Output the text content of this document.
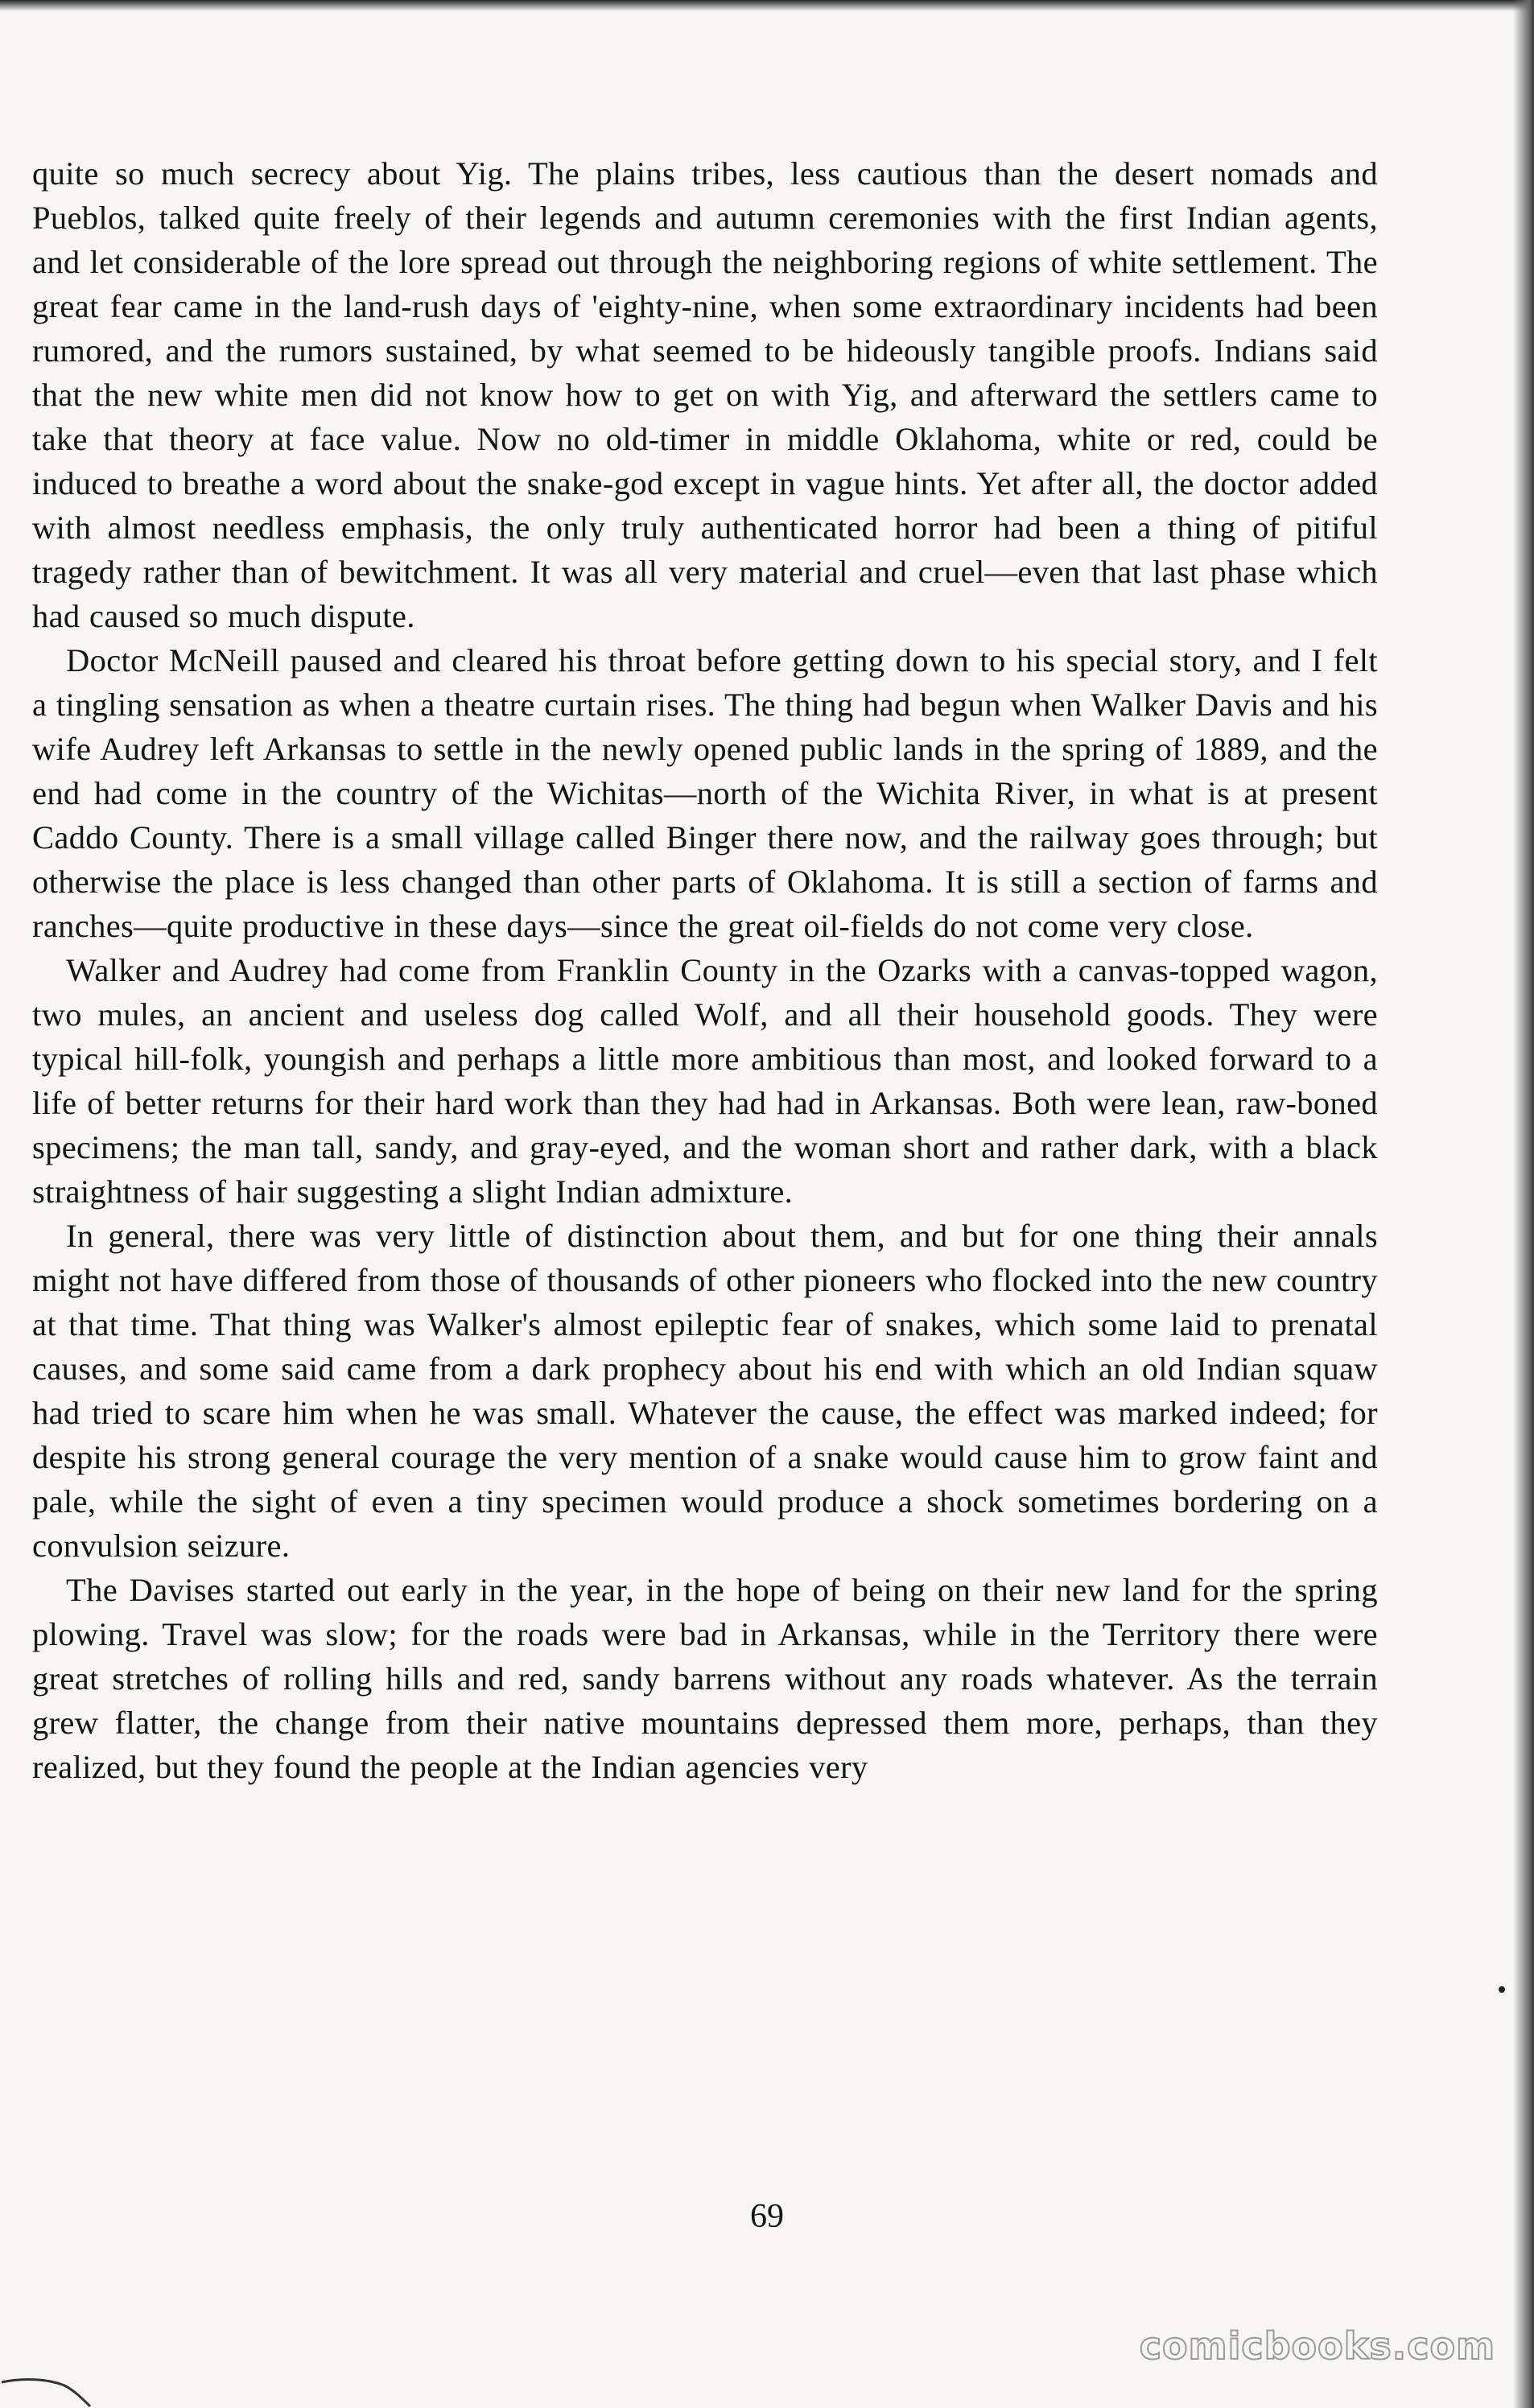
quite so much secrecy about Yig. The plains tribes, less cautious than the desert nomads and Pueblos, talked quite freely of their legends and autumn ceremonies with the first Indian agents, and let considerable of the lore spread out through the neighboring regions of white settlement. The great fear came in the land-rush days of 'eighty-nine, when some extraordinary incidents had been rumored, and the rumors sustained, by what seemed to be hideously tangible proofs. Indians said that the new white men did not know how to get on with Yig, and afterward the settlers came to take that theory at face value. Now no old-timer in middle Oklahoma, white or red, could be induced to breathe a word about the snake-god except in vague hints. Yet after all, the doctor added with almost needless emphasis, the only truly authenticated horror had been a thing of pitiful tragedy rather than of bewitchment. It was all very material and cruel—even that last phase which had caused so much dispute.

Doctor McNeill paused and cleared his throat before getting down to his special story, and I felt a tingling sensation as when a theatre curtain rises. The thing had begun when Walker Davis and his wife Audrey left Arkansas to settle in the newly opened public lands in the spring of 1889, and the end had come in the country of the Wichitas—north of the Wichita River, in what is at present Caddo County. There is a small village called Binger there now, and the railway goes through; but otherwise the place is less changed than other parts of Oklahoma. It is still a section of farms and ranches—quite productive in these days—since the great oil-fields do not come very close.

Walker and Audrey had come from Franklin County in the Ozarks with a canvas-topped wagon, two mules, an ancient and useless dog called Wolf, and all their household goods. They were typical hill-folk, youngish and perhaps a little more ambitious than most, and looked forward to a life of better returns for their hard work than they had had in Arkansas. Both were lean, raw-boned specimens; the man tall, sandy, and gray-eyed, and the woman short and rather dark, with a black straightness of hair suggesting a slight Indian admixture.

In general, there was very little of distinction about them, and but for one thing their annals might not have differed from those of thousands of other pioneers who flocked into the new country at that time. That thing was Walker's almost epileptic fear of snakes, which some laid to prenatal causes, and some said came from a dark prophecy about his end with which an old Indian squaw had tried to scare him when he was small. Whatever the cause, the effect was marked indeed; for despite his strong general courage the very mention of a snake would cause him to grow faint and pale, while the sight of even a tiny specimen would produce a shock sometimes bordering on a convulsion seizure.

The Davises started out early in the year, in the hope of being on their new land for the spring plowing. Travel was slow; for the roads were bad in Arkansas, while in the Territory there were great stretches of rolling hills and red, sandy barrens without any roads whatever. As the terrain grew flatter, the change from their native mountains depressed them more, perhaps, than they realized, but they found the people at the Indian agencies very

69
comicbooks.com
